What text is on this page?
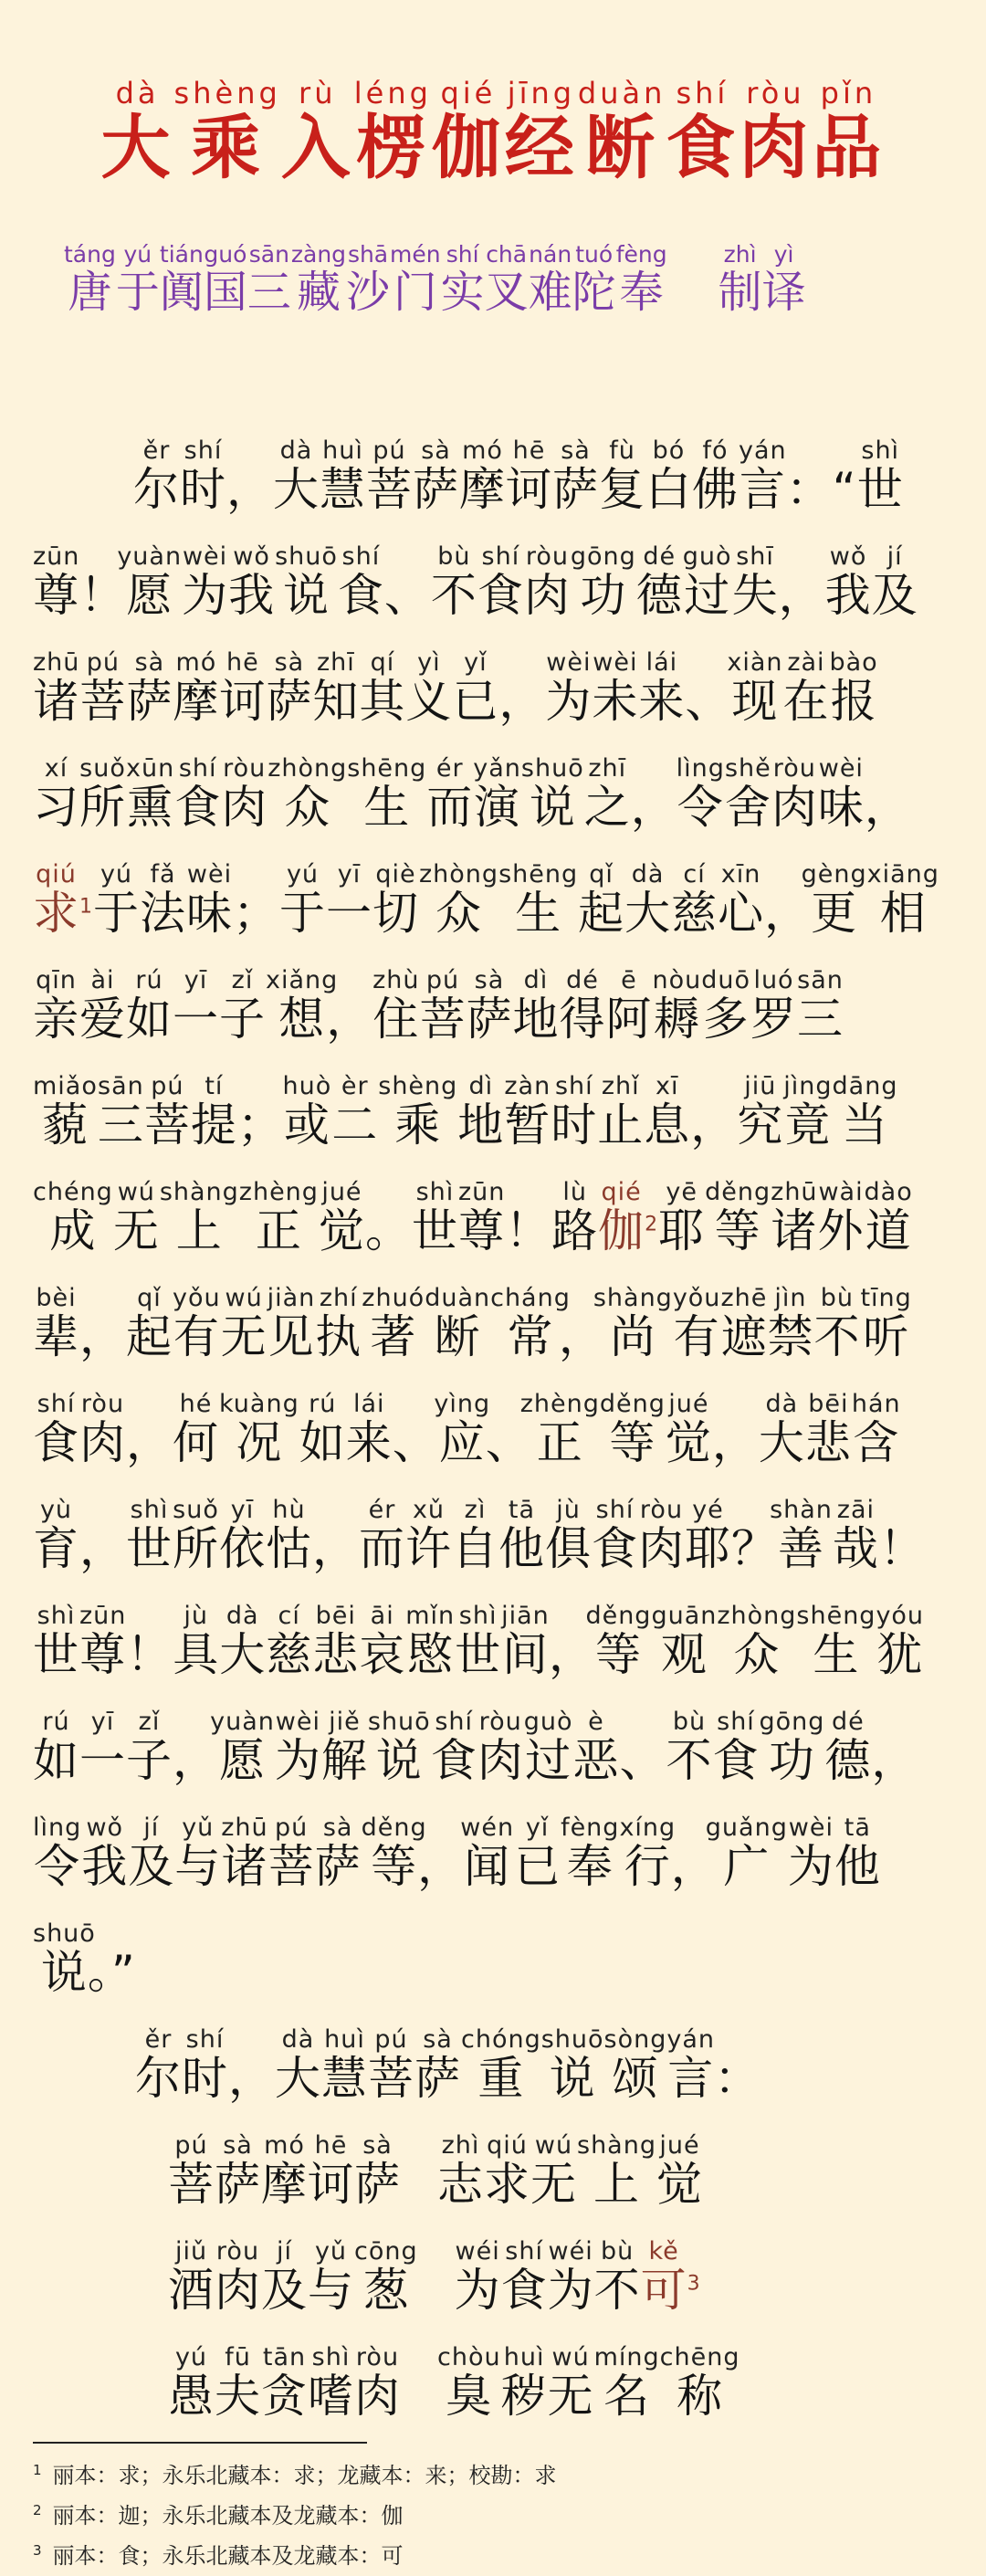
大dà乘shèng入rù楞léng伽qié经jīng断duàn食shí肉ròu品pǐn
唐táng于yú阗tián国guó三sān藏zàng沙shā门mén实shí叉chā难nán陀tuó奉fèng制zhì译yì
尔ěr时shí，大dà慧huì菩pú萨sà摩mó诃hē萨sà复fù白bó佛fó言yán：“世shì
尊zūn！愿yuàn为wèi我wǒ说shuō食shí、不bù食shí肉ròu功gōng德dé过guò失shī，我wǒ及jí
诸zhū菩pú萨sà摩mó诃hē萨sà知zhī其qí义yì已yǐ，为wèi未wèi来lái、现xiàn在zài报bào
习xí所suǒ熏xūn食shí肉ròu众zhòng生shēng而ér演yǎn说shuō之zhī，令lìng舍shě肉ròu味wèi，
求qiú$^1$于yú法fǎ味wèi；于yú一yī切qiè众zhòng生shēng起qǐ大dà慈cí心xīn，更gèng相xiāng
亲qīn爱ài如rú一yī子zǐ想xiǎng，住zhù菩pú萨sà地dì得dé阿ē耨nòu多duō罗luó三sān
藐miǎo三sān菩pú提tí；或huò二èr乘shèng地dì暂zàn时shí止zhǐ息xī，究jiū竟jìng当dāng
成chéng无wú上shàng正zhèng觉jué。世shì尊zūn！路lù伽qié$^2$耶yē等děng诸zhū外wài道dào
辈bèi，起qǐ有yǒu无wú见jiàn执zhí著zhuó断duàn常cháng，尚shàng有yǒu遮zhē禁jìn不bù听tīng
食shí肉ròu，何hé况kuàng如rú来lái、应yìng、正zhèng等děng觉jué，大dà悲bēi含hán
育yù，世shì所suǒ依yī怙hù，而ér许xǔ自zì他tā俱jù食shí肉ròu耶yé？善shàn哉zāi！
世shì尊zūn！具jù大dà慈cí悲bēi哀āi愍mǐn世shì间jiān，等děng观guān众zhòng生shēng犹yóu
如rú一yī子zǐ，愿yuàn为wèi解jiě说shuō食shí肉ròu过guò恶è、不bù食shí功gōng德dé，
令lìng我wǒ及jí与yǔ诸zhū菩pú萨sà等děng，闻wén已yǐ奉fèng行xíng，广guǎng为wèi他tā
说shuō。”
尔ěr时shí，大dà慧huì菩pú萨sà重chóng说shuō颂sòng言yán：
菩pú萨sà摩mó诃hē萨sà志zhì求qiú无wú上shàng觉jué
酒jiǔ肉ròu及jí与yǔ葱cōng为wéi食shí为wéi不bù可kě$^3$
愚yú夫fū贪tān嗜shì肉ròu臭chòu秽huì无wú名míng称chēng
$^1$ 丽本：求；永乐北藏本：求；龙藏本：来；校勘：求
$^2$ 丽本：迦；永乐北藏本及龙藏本：伽
$^3$ 丽本：食；永乐北藏本及龙藏本：可
